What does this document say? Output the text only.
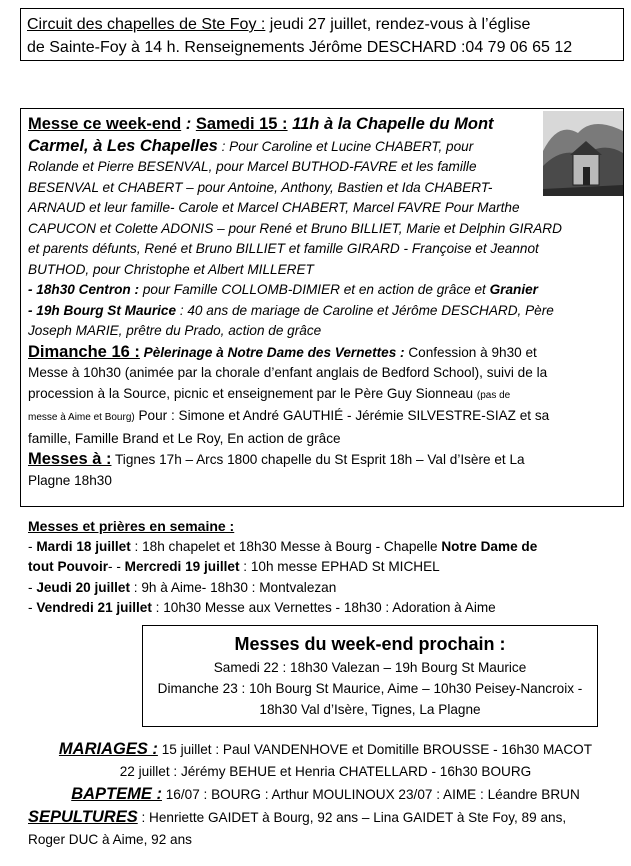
Circuit des chapelles de Ste Foy : jeudi 27 juillet, rendez-vous à l’église
de Sainte-Foy à 14 h. Renseignements Jérôme DESCHARD :04 79 06 65 12

Messe ce week-end : Samedi 15 : 11h à la Chapelle du Mont

Carmel, à Les Chapelles : Pour Caroline et Lucine CHABERT, pour

Rolande et Pierre BESENVAL, pour Marcel BUTHOD-FAVRE et les famille

BESENVAL et CHABERT – pour Antoine, Anthony, Bastien et Ida CHABERT-

ARNAUD et leur famille- Carole et Marcel CHABERT, Marcel FAVRE Pour Marthe

CAPUCON et Colette ADONIS – pour René et Bruno BILLIET, Marie et Delphin GIRARD

et parents défunts, René et Bruno BILLIET et famille GIRARD - Françoise et Jeannot

BUTHOD, pour Christophe et Albert MILLERET

- 18h30 Centron : pour Famille COLLOMB-DIMIER et en action de grâce et Granier

- 19h Bourg St Maurice : 40 ans de mariage de Caroline et Jérôme DESCHARD, Père

Joseph MARIE, prêtre du Prado, action de grâce

Dimanche 16 : Pèlerinage à Notre Dame des Vernettes : Confession à 9h30 et

Messe à 10h30 (animée par la chorale d’enfant anglais de Bedford School), suivi de la

procession à la Source, picnic et enseignement par le Père Guy Sionneau (pas de

messe à Aime et Bourg) Pour : Simone et André GAUTHIÉ - Jérémie SILVESTRE-SIAZ et sa

famille, Famille Brand et Le Roy, En action de grâce

Messes à : Tignes 17h – Arcs 1800 chapelle du St Esprit 18h – Val d’Isère et La

Plagne 18h30

Messes et prières en semaine :
- Mardi 18 juillet : 18h chapelet et 18h30 Messe à Bourg - Chapelle Notre Dame de
tout Pouvoir- - Mercredi 19 juillet : 10h messe EPHAD St MICHEL
- Jeudi 20 juillet : 9h à Aime- 18h30 : Montvalezan
- Vendredi 21 juillet : 10h30 Messe aux Vernettes - 18h30 : Adoration à Aime
Messes du week-end prochain :
Samedi 22 : 18h30 Valezan – 19h Bourg St Maurice
Dimanche 23 : 10h Bourg St Maurice, Aime – 10h30 Peisey-Nancroix -
18h30 Val d’Isère, Tignes, La Plagne
MARIAGES : 15 juillet : Paul VANDENHOVE et Domitille BROUSSE - 16h30 MACOT
22 juillet : Jérémy BEHUE et Henria CHATELLARD - 16h30 BOURG
BAPTEME : 16/07 : BOURG : Arthur MOULINOUX 23/07 : AIME : Léandre BRUN
SEPULTURES : Henriette GAIDET à Bourg, 92 ans – Lina GAIDET à Ste Foy, 89 ans,
Roger DUC à Aime, 92 ans
